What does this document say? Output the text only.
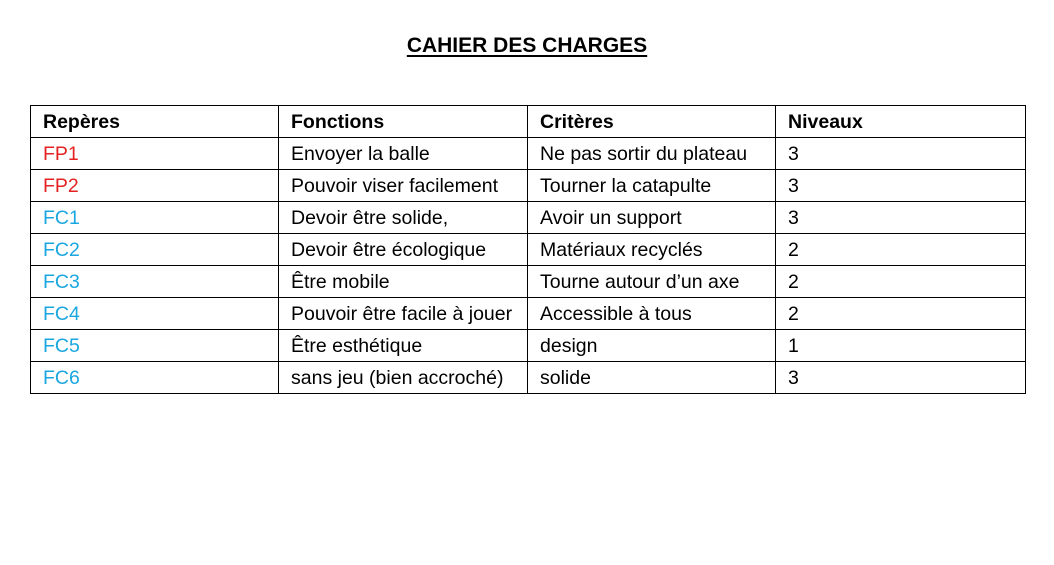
CAHIER DES CHARGES
Repères	Fonctions	Critères	Niveaux
FP1	Envoyer la balle	Ne pas sortir du plateau	3
FP2	Pouvoir viser facilement	Tourner la catapulte	3
FC1	Devoir être solide,	Avoir un support	3
FC2	Devoir être écologique	Matériaux recyclés	2
FC3	Être mobile	Tourne autour d’un axe	2
FC4	Pouvoir être facile à jouer	Accessible à tous	2
FC5	Être esthétique	design	1
FC6	sans jeu (bien accroché)	solide	3
